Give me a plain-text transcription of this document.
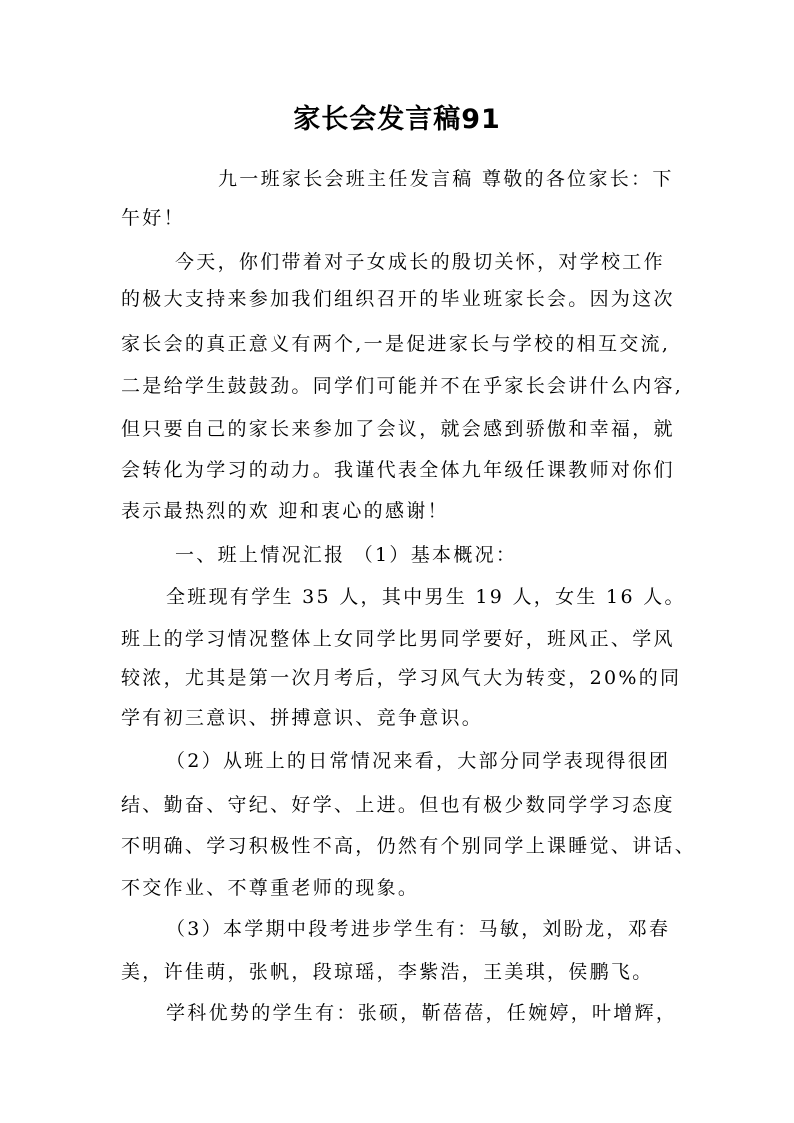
家长会发言稿91
九一班家长会班主任发言稿 尊敬的各位家长：下
午好！
今天，你们带着对子女成长的殷切关怀，对学校工作
的极大支持来参加我们组织召开的毕业班家长会。因为这次
家长会的真正意义有两个,一是促进家长与学校的相互交流,
二是给学生鼓鼓劲。同学们可能并不在乎家长会讲什么内容,
但只要自己的家长来参加了会议，就会感到骄傲和幸福，就
会转化为学习的动力。我谨代表全体九年级任课教师对你们
表示最热烈的欢 迎和衷心的感谢！
一、班上情况汇报 （1）基本概况：
全班现有学生 35 人，其中男生 19 人，女生 16 人。
班上的学习情况整体上女同学比男同学要好，班风正、学风
较浓，尤其是第一次月考后，学习风气大为转变，20%的同
学有初三意识、拼搏意识、竞争意识。
（2）从班上的日常情况来看，大部分同学表现得很团
结、勤奋、守纪、好学、上进。但也有极少数同学学习态度
不明确、学习积极性不高，仍然有个别同学上课睡觉、讲话、
不交作业、不尊重老师的现象。
（3）本学期中段考进步学生有：马敏，刘盼龙，邓春
美，许佳萌，张帆，段琼瑶，李紫浩，王美琪，侯鹏飞。
学科优势的学生有：张硕，靳蓓蓓，任婉婷，叶增辉，
